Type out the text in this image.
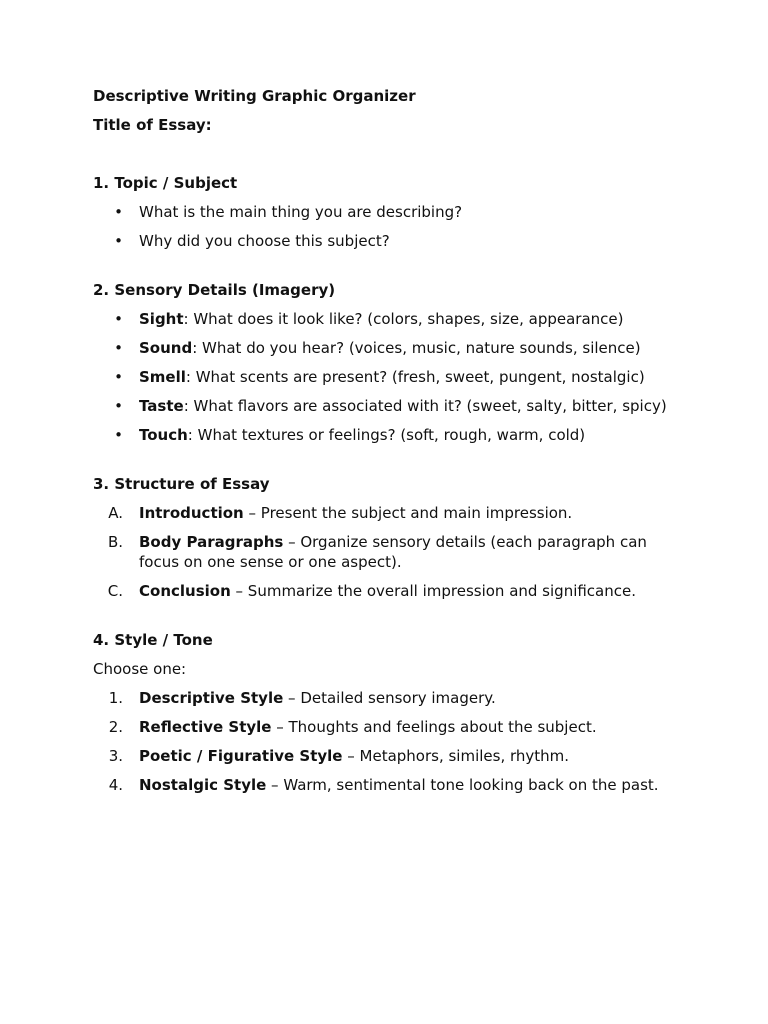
Descriptive Writing Graphic Organizer
Title of Essay:
1. Topic / Subject
• What is the main thing you are describing?
• Why did you choose this subject?
2. Sensory Details (Imagery)
• Sight: What does it look like? (colors, shapes, size, appearance)
• Sound: What do you hear? (voices, music, nature sounds, silence)
• Smell: What scents are present? (fresh, sweet, pungent, nostalgic)
• Taste: What flavors are associated with it? (sweet, salty, bitter, spicy)
• Touch: What textures or feelings? (soft, rough, warm, cold)
3. Structure of Essay
A.	Introduction – Present the subject and main impression.
B.	Body Paragraphs – Organize sensory details (each paragraph can focus on one sense or one aspect).
C.	Conclusion – Summarize the overall impression and significance.
4. Style / Tone
Choose one:
1.	Descriptive Style – Detailed sensory imagery.
2.	Reflective Style – Thoughts and feelings about the subject.
3.	Poetic / Figurative Style – Metaphors, similes, rhythm.
4.	Nostalgic Style – Warm, sentimental tone looking back on the past.
